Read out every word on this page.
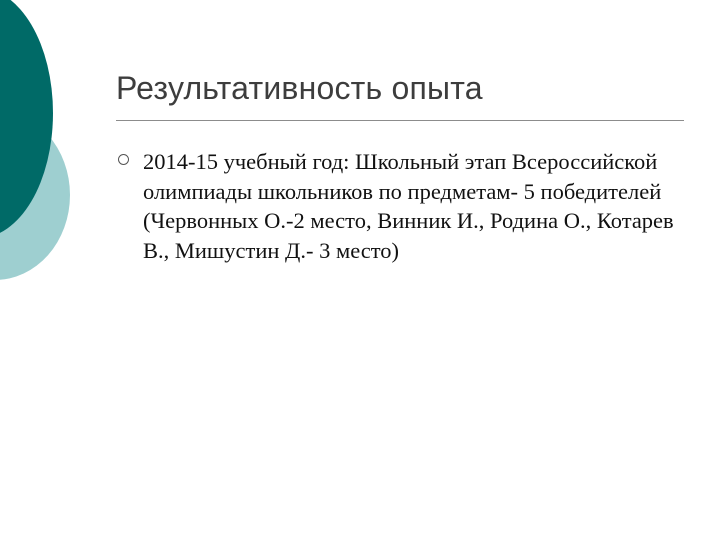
Результативность опыта
2014-15 учебный год: Школьный этап Всероссийской олимпиады школьников по предметам- 5 победителей (Червонных О.-2 место, Винник И., Родина О., Котарев В., Мишустин Д.- 3 место)
